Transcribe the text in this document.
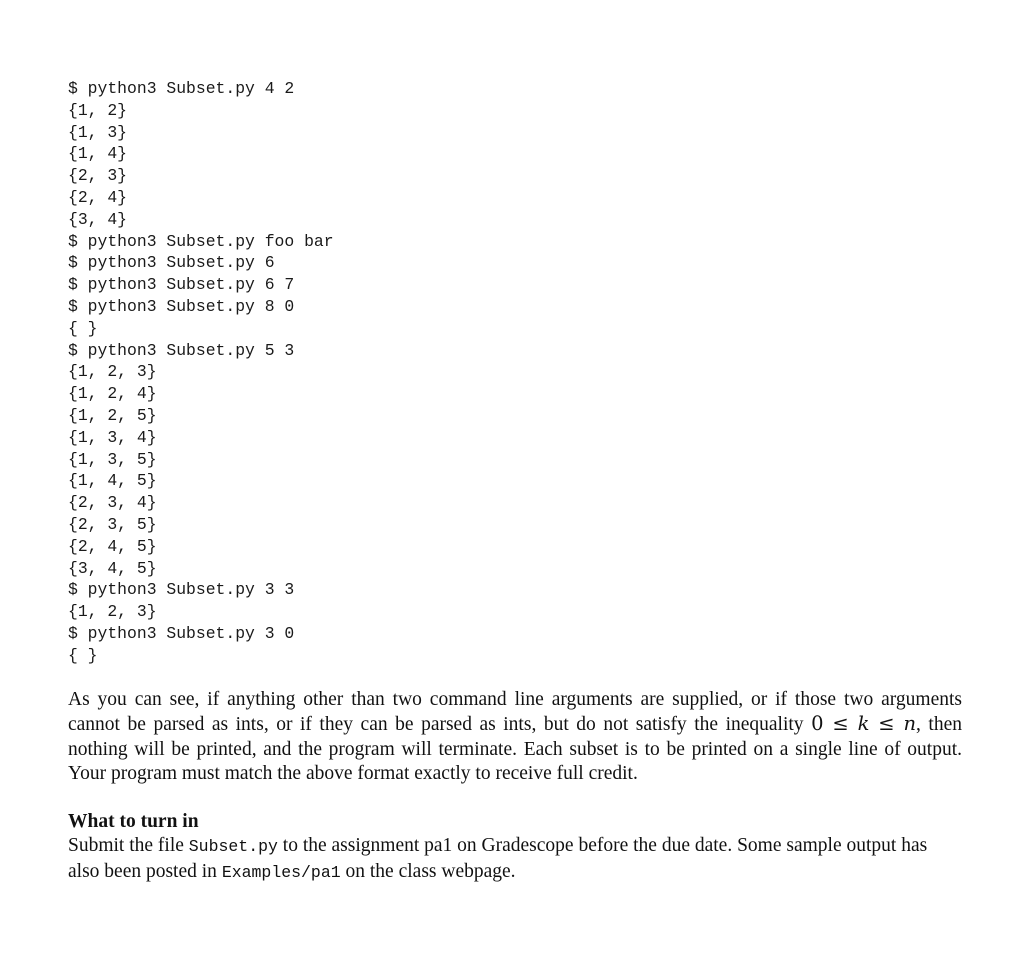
$ python3 Subset.py 4 2
{1, 2}
{1, 3}
{1, 4}
{2, 3}
{2, 4}
{3, 4}
$ python3 Subset.py foo bar
$ python3 Subset.py 6
$ python3 Subset.py 6 7
$ python3 Subset.py 8 0
{ }
$ python3 Subset.py 5 3
{1, 2, 3}
{1, 2, 4}
{1, 2, 5}
{1, 3, 4}
{1, 3, 5}
{1, 4, 5}
{2, 3, 4}
{2, 3, 5}
{2, 4, 5}
{3, 4, 5}
$ python3 Subset.py 3 3
{1, 2, 3}
$ python3 Subset.py 3 0
{ }

As you can see, if anything other than two command line arguments are supplied, or if those two arguments cannot be parsed as ints, or if they can be parsed as ints, but do not satisfy the inequality 0 ≤ k ≤ n, then nothing will be printed, and the program will terminate. Each subset is to be printed on a single line of output. Your program must match the above format exactly to receive full credit.

What to turn in

Submit the file Subset.py to the assignment pa1 on Gradescope before the due date. Some sample output has also been posted in Examples/pa1 on the class webpage.
